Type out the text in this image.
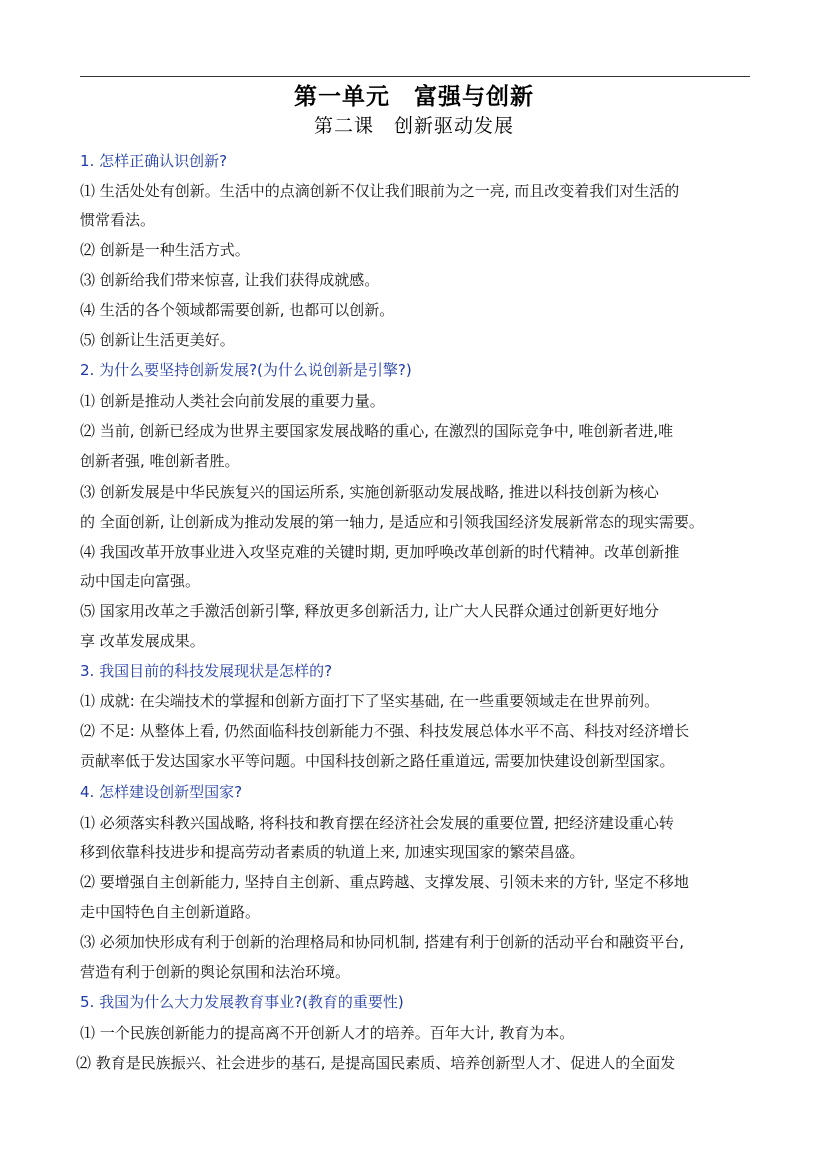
第一单元　富强与创新
第二课　创新驱动发展
1. 怎样正确认识创新?
⑴ 生活处处有创新。生活中的点滴创新不仅让我们眼前为之一亮, 而且改变着我们对生活的
惯常看法。
⑵ 创新是一种生活方式。
⑶ 创新给我们带来惊喜, 让我们获得成就感。
⑷ 生活的各个领域都需要创新, 也都可以创新。
⑸ 创新让生活更美好。
2. 为什么要坚持创新发展?(为什么说创新是引擎?)
⑴ 创新是推动人类社会向前发展的重要力量。
⑵ 当前, 创新已经成为世界主要国家发展战略的重心, 在激烈的国际竞争中, 唯创新者进,唯
创新者强, 唯创新者胜。
⑶ 创新发展是中华民族复兴的国运所系, 实施创新驱动发展战略, 推进以科技创新为核心
的 全面创新, 让创新成为推动发展的第一轴力, 是适应和引领我国经济发展新常态的现实需要。
⑷ 我国改革开放事业进入攻坚克难的关键时期, 更加呼唤改革创新的时代精神。改革创新推
动中国走向富强。
⑸ 国家用改革之手激活创新引擎, 释放更多创新活力, 让广大人民群众通过创新更好地分
享 改革发展成果。
3. 我国目前的科技发展现状是怎样的?
⑴ 成就: 在尖端技术的掌握和创新方面打下了坚实基础, 在一些重要领域走在世界前列。
⑵ 不足: 从整体上看, 仍然面临科技创新能力不强、科技发展总体水平不高、科技对经济增长
贡献率低于发达国家水平等问题。中国科技创新之路任重道远, 需要加快建设创新型国家。
4. 怎样建设创新型国家?
⑴ 必须落实科教兴国战略, 将科技和教育摆在经济社会发展的重要位置, 把经济建设重心转
移到依靠科技进步和提高劳动者素质的轨道上来, 加速实现国家的繁荣昌盛。
⑵ 要增强自主创新能力, 坚持自主创新、重点跨越、支撑发展、引领未来的方针, 坚定不移地
走中国特色自主创新道路。
⑶ 必须加快形成有利于创新的治理格局和协同机制, 搭建有利于创新的活动平台和融资平台,
营造有利于创新的舆论氛围和法治环境。
5. 我国为什么大力发展教育事业?(教育的重要性)
⑴ 一个民族创新能力的提高离不开创新人才的培养。百年大计, 教育为本。
⑵ 教育是民族振兴、社会进步的基石, 是提高国民素质、培养创新型人才、促进人的全面发
